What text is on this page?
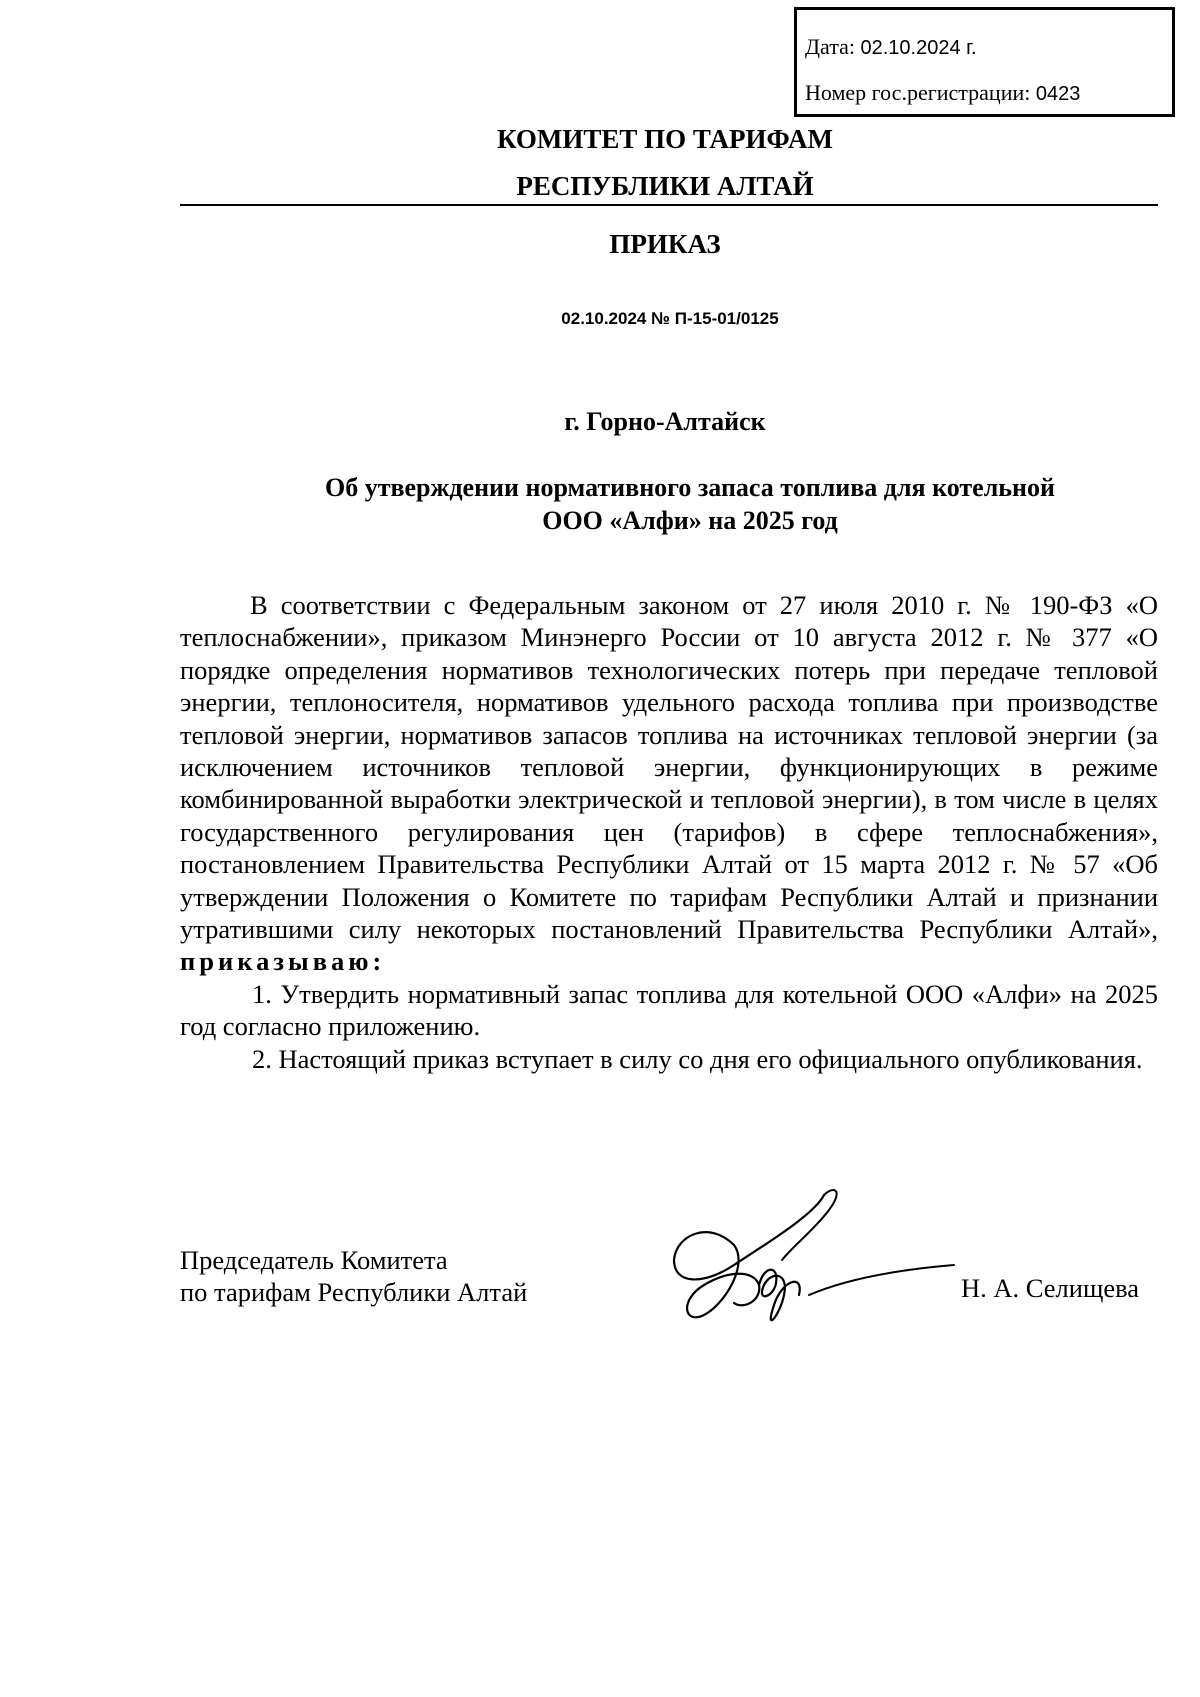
Дата: 02.10.2024 г.
Номер гос.регистрации: 0423
КОМИТЕТ ПО ТАРИФАМ
РЕСПУБЛИКИ АЛТАЙ
ПРИКАЗ
02.10.2024 № П-15-01/0125
г. Горно-Алтайск
Об утверждении нормативного запаса топлива для котельной
ООО «Алфи» на 2025 год

В соответствии с Федеральным законом от 27 июля 2010 г. № 190-ФЗ «О теплоснабжении», приказом Минэнерго России от 10 августа 2012 г. № 377 «О порядке определения нормативов технологических потерь при передаче тепловой энергии, теплоносителя, нормативов удельного расхода топлива при производстве тепловой энергии, нормативов запасов топлива на источниках тепловой энергии (за исключением источников тепловой энергии, функционирующих в режиме комбинированной выработки электрической и тепловой энергии), в том числе в целях государственного регулирования цен (тарифов) в сфере теплоснабжения», постановлением Правительства Республики Алтай от 15 марта 2012 г. № 57 «Об утверждении Положения о Комитете по тарифам Республики Алтай и признании утратившими силу некоторых постановлений Правительства Республики Алтай», приказываю:

1. Утвердить нормативный запас топлива для котельной ООО «Алфи» на 2025 год согласно приложению.

2. Настоящий приказ вступает в силу со дня его официального опубликования.

Председатель Комитета
по тарифам Республики Алтай	Н. А. Селищева
